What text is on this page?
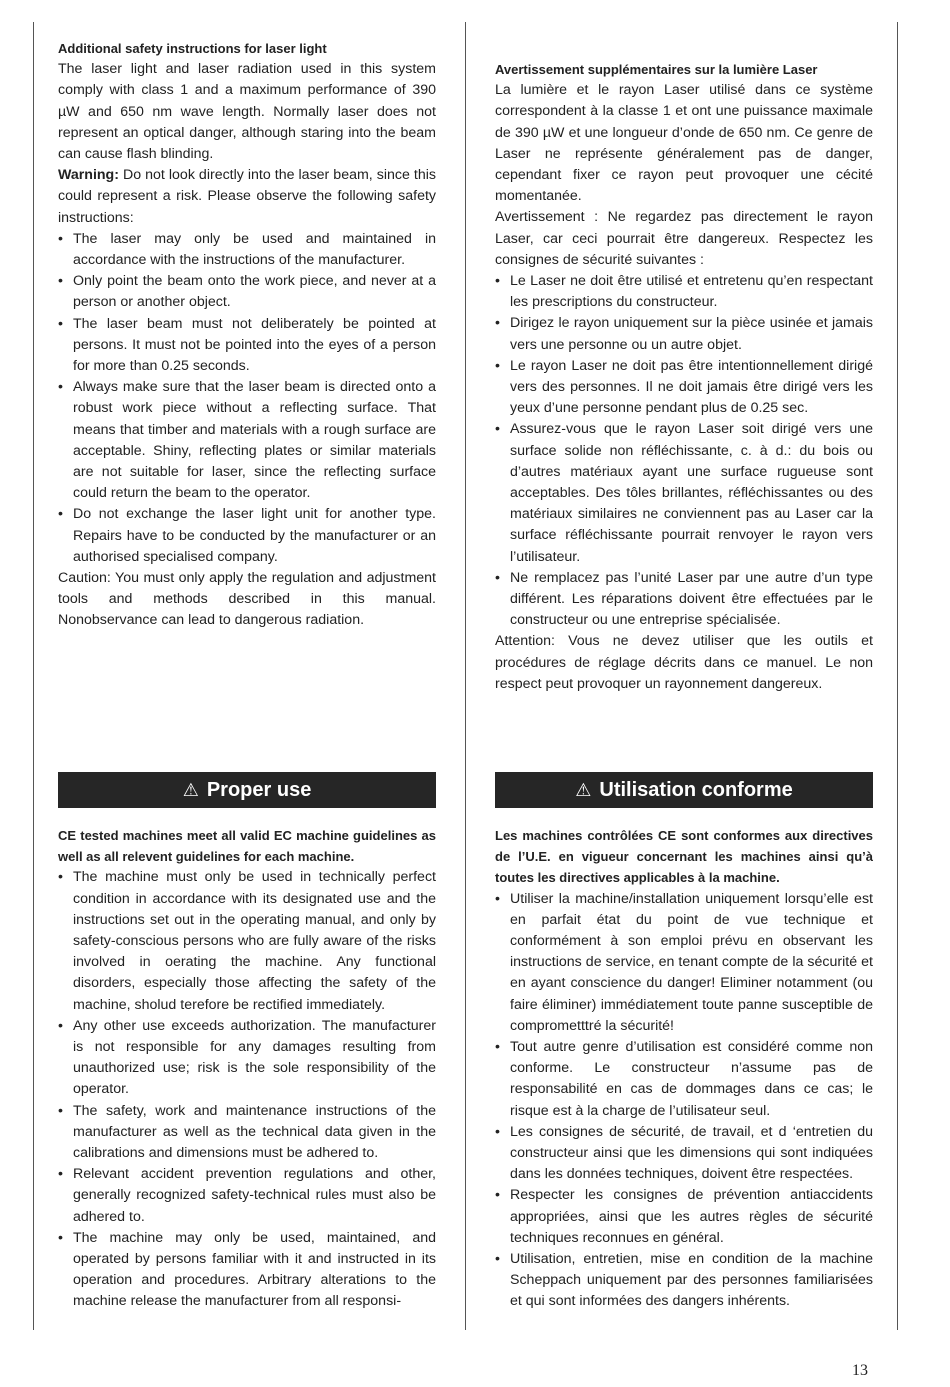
Additional safety instructions for laser light

The laser light and laser radiation used in this system comply with class 1 and a maximum performance of 390 µW and 650 nm wave length. Normally laser does not represent an optical danger, although staring into the beam can cause flash blinding.

Warning: Do not look directly into the laser beam, since this could represent a risk. Please observe the following safety instructions:

• The laser may only be used and maintained in accordance with the instructions of the manufacturer.
• Only point the beam onto the work piece, and never at a person or another object.
• The laser beam must not deliberately be pointed at persons. It must not be pointed into the eyes of a person for more than 0.25 seconds.
• Always make sure that the laser beam is directed onto a robust work piece without a reflecting surface. That means that timber and materials with a rough surface are acceptable. Shiny, reflecting plates or similar materials are not suitable for laser, since the reflecting surface could return the beam to the operator.
• Do not exchange the laser light unit for another type. Repairs have to be conducted by the manufacturer or an authorised specialised company.

Caution: You must only apply the regulation and adjustment tools and methods described in this manual. Nonobservance can lead to dangerous radiation.

Avertissement supplémentaires sur la lumière Laser

La lumière et le rayon Laser utilisé dans ce système correspondent à la classe 1 et ont une puissance maximale de 390 µW et une longueur d’onde de 650 nm. Ce genre de Laser ne représente généralement pas de danger, cependant fixer ce rayon peut provoquer une cécité momentanée.

Avertissement : Ne regardez pas directement le rayon Laser, car ceci pourrait être dangereux. Respectez les consignes de sécurité suivantes :

• Le Laser ne doit être utilisé et entretenu qu’en respectant les prescriptions du constructeur.
• Dirigez le rayon uniquement sur la pièce usinée et jamais vers une personne ou un autre objet.
• Le rayon Laser ne doit pas être intentionnellement dirigé vers des personnes. Il ne doit jamais être dirigé vers les yeux d’une personne pendant plus de 0.25 sec.
• Assurez-vous que le rayon Laser soit dirigé vers une surface solide non réfléchissante, c. à d.: du bois ou d’autres matériaux ayant une surface rugueuse sont acceptables. Des tôles brillantes, réfléchissantes ou des matériaux similaires ne conviennent pas au Laser car la surface réfléchissante pourrait renvoyer le rayon vers l’utilisateur.
• Ne remplacez pas l’unité Laser par une autre d’un type différent. Les réparations doivent être effectuées par le constructeur ou une entreprise spécialisée.

Attention: Vous ne devez utiliser que les outils et procédures de réglage décrits dans ce manuel. Le non respect peut provoquer un rayonnement dangereux.

⚠ Proper use	⚠ Utilisation conforme

CE tested machines meet all valid EC machine guidelines as well as all relevent guidelines for each machine.

• The machine must only be used in technically perfect condition in accordance with its designated use and the instructions set out in the operating manual, and only by safety-conscious persons who are fully aware of the risks involved in oerating the machine. Any functional disorders, especially those affecting the safety of the machine, sholud terefore be rectified immediately.
• Any other use exceeds authorization. The manufacturer is not responsible for any damages resulting from unauthorized use; risk is the sole responsibility of the operator.
• The safety, work and maintenance instructions of the manufacturer as well as the technical data given in the calibrations and dimensions must be adhered to.
• Relevant accident prevention regulations and other, generally recognized safety-technical rules must also be adhered to.
• The machine may only be used, maintained, and operated by persons familiar with it and instructed in its operation and procedures. Arbitrary alterations to the machine release the manufacturer from all responsi-

Les machines contrôlées CE sont conformes aux directives de l’U.E. en vigueur concernant les machines ainsi qu’à toutes les directives applicables à la machine.

• Utiliser la machine/installation uniquement lorsqu’elle est en parfait état du point de vue technique et conformément à son emploi prévu en observant les instructions de service, en tenant compte de la sécurité et en ayant conscience du danger! Eliminer notamment (ou faire éliminer) immédiatement toute panne susceptible de comprometttré la sécurité!
• Tout autre genre d’utilisation est considéré comme non conforme. Le constructeur n’assume pas de responsabilité en cas de dommages dans ce cas; le risque est à la charge de l’utilisateur seul.
• Les consignes de sécurité, de travail, et d ‘entretien du constructeur ainsi que les dimensions qui sont indiquées dans les données techniques, doivent être respectées.
• Respecter les consignes de prévention antiaccidents appropriées, ainsi que les autres règles de sécurité techniques reconnues en général.
• Utilisation, entretien, mise en condition de la machine Scheppach uniquement par des personnes familiarisées et qui sont informées des dangers inhérents.
13
